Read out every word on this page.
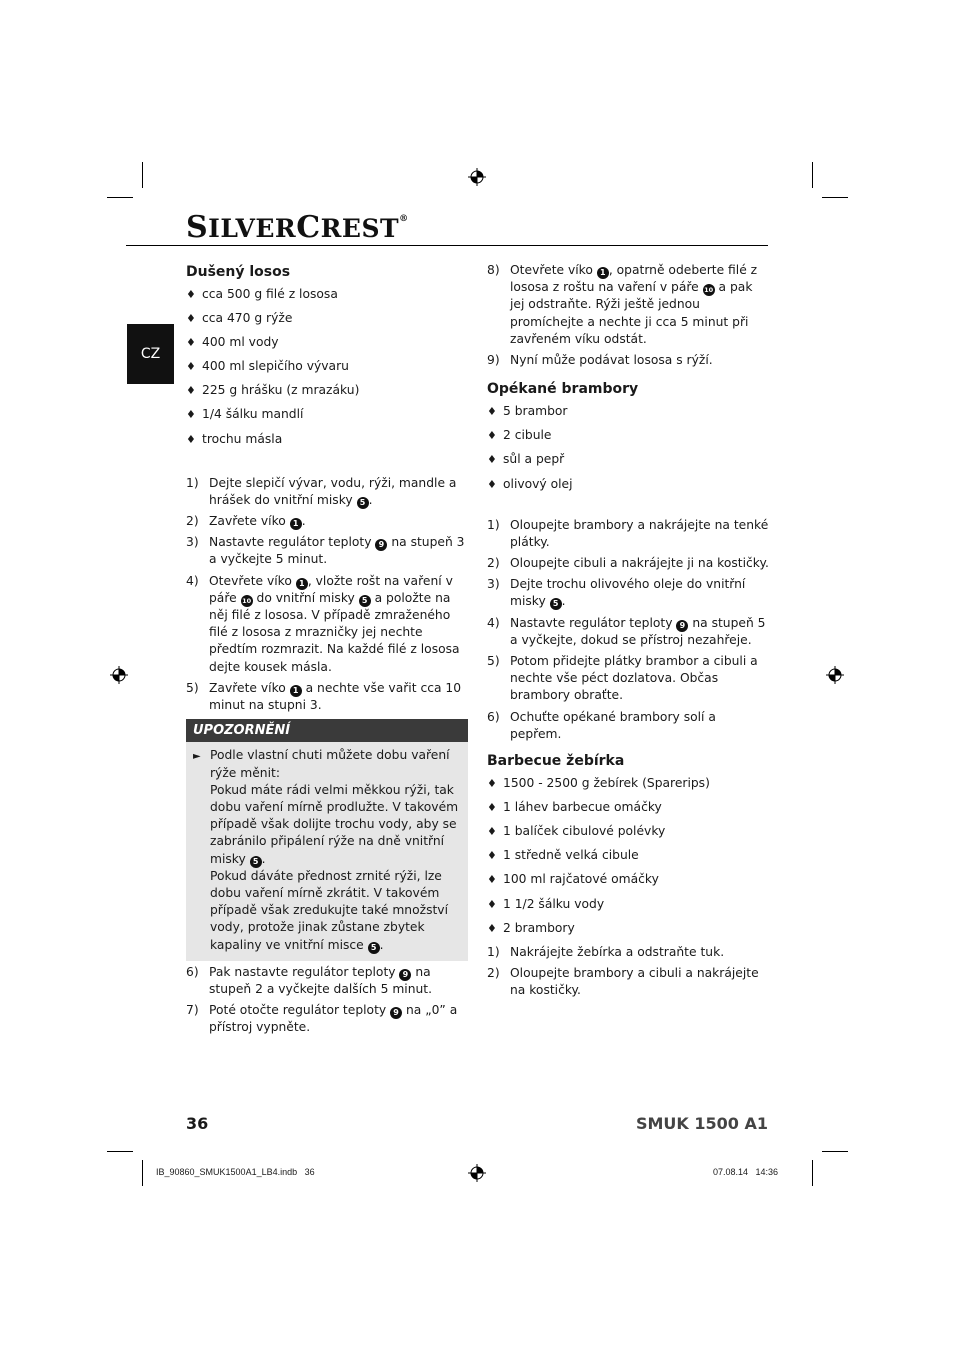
SILVERCREST®
CZ
Dušený losos
♦ cca 500 g filé z lososa
♦ cca 470 g rýže
♦ 400 ml vody
♦ 400 ml slepičího vývaru
♦ 225 g hrášku (z mrazáku)
♦ 1/4 šálku mandlí
♦ trochu másla
1) Dejte slepičí vývar, vodu, rýži, mandle a hrášek do vnitřní misky 5 .
2) Zavřete víko 1 .
3) Nastavte regulátor teploty 9 na stupeň 3 a vyčkejte 5 minut.
4) Otevřete víko 1 , vložte rošt na vaření v páře 10 do vnitřní misky 5 a položte na něj filé z lososa. V případě zmraženého filé z lososa z mrazničky jej nechte předtím rozmrazit. Na každé filé z lososa dejte kousek másla.
5) Zavřete víko 1 a nechte vše vařit cca 10 minut na stupni 3.
UPOZORNĚNÍ
► Podle vlastní chuti můžete dobu vaření rýže měnit:
Pokud máte rádi velmi měkkou rýži, tak dobu vaření mírně prodlužte. V takovém případě však dolijte trochu vody, aby se zabránilo připálení rýže na dně vnitřní misky 5 .
Pokud dáváte přednost zrnité rýži, lze dobu vaření mírně zkrátit. V takovém případě však zredukujte také množství vody, protože jinak zůstane zbytek kapaliny ve vnitřní misce 5 .
6) Pak nastavte regulátor teploty 9 na stupeň 2 a vyčkejte dalších 5 minut.
7) Poté otočte regulátor teploty 9 na „0” a přístroj vypněte.
8) Otevřete víko 1 , opatrně odeberte filé z lososa z roštu na vaření v páře 10 a pak jej odstraňte. Rýži ještě jednou promíchejte a nechte ji cca 5 minut při zavřeném víku odstát.
9) Nyní může podávat lososa s rýží.
Opékané brambory
♦ 5 brambor
♦ 2 cibule
♦ sůl a pepř
♦ olivový olej
1) Oloupejte brambory a nakrájejte na tenké plátky.
2) Oloupejte cibuli a nakrájejte ji na kostičky.
3) Dejte trochu olivového oleje do vnitřní misky 5 .
4) Nastavte regulátor teploty 9 na stupeň 5 a vyčkejte, dokud se přístroj nezahřeje.
5) Potom přidejte plátky brambor a cibuli a nechte vše péct dozlatova. Občas brambory obraťte.
6) Ochuťte opékané brambory solí a pepřem.
Barbecue žebírka
♦ 1500 - 2500 g žebírek (Sparerips)
♦ 1 láhev barbecue omáčky
♦ 1 balíček cibulové polévky
♦ 1 středně velká cibule
♦ 100 ml rajčatové omáčky
♦ 1 1/2 šálku vody
♦ 2 brambory
1) Nakrájejte žebírka a odstraňte tuk.
2) Oloupejte brambory a cibuli a nakrájejte na kostičky.
36	SMUK 1500 A1
IB_90860_SMUK1500A1_LB4.indb   36	07.08.14   14:36
